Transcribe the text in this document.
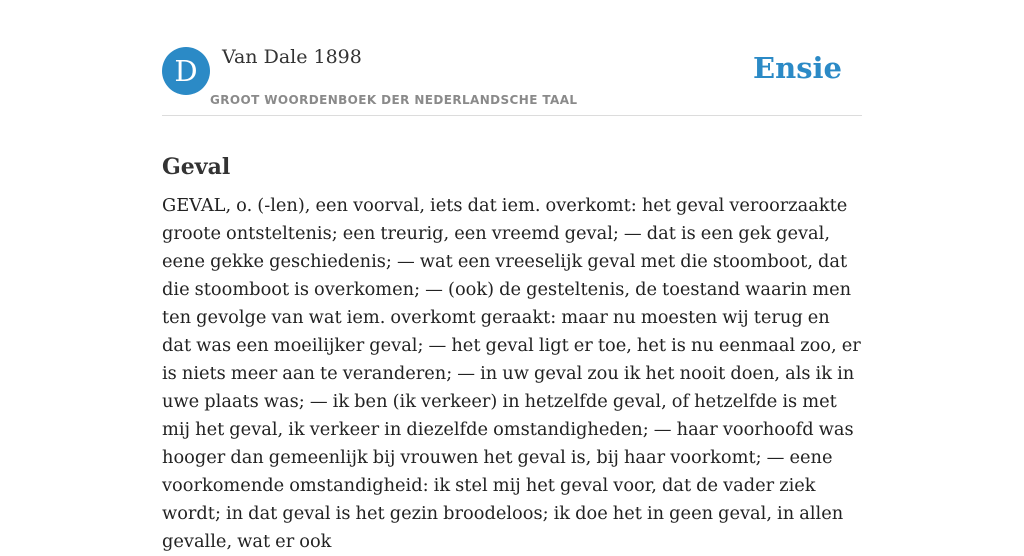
D	Van Dale 1898
GROOT WOORDENBOEK DER NEDERLANDSCHE TAAL
Ensie
Geval

GEVAL, o. (-len), een voorval, iets dat iem. overkomt: het geval veroorzaakte groote ontsteltenis; een treurig, een vreemd geval; — dat is een gek geval, eene gekke geschiedenis; — wat een vreeselijk geval met die stoomboot, dat die stoomboot is overkomen; — (ook) de gesteltenis, de toestand waarin men ten gevolge van wat iem. overkomt geraakt: maar nu moesten wij terug en dat was een moeilijker geval; — het geval ligt er toe, het is nu eenmaal zoo, er is niets meer aan te veranderen; — in uw geval zou ik het nooit doen, als ik in uwe plaats was; — ik ben (ik verkeer) in hetzelfde geval, of hetzelfde is met mij het geval, ik verkeer in diezelfde omstandigheden; — haar voorhoofd was hooger dan gemeenlijk bij vrouwen het geval is, bij haar voorkomt; — eene voorkomende omstandigheid: ik stel mij het geval voor, dat de vader ziek wordt; in dat geval is het gezin broodeloos; ik doe het in geen geval, in allen gevalle, wat er ook
